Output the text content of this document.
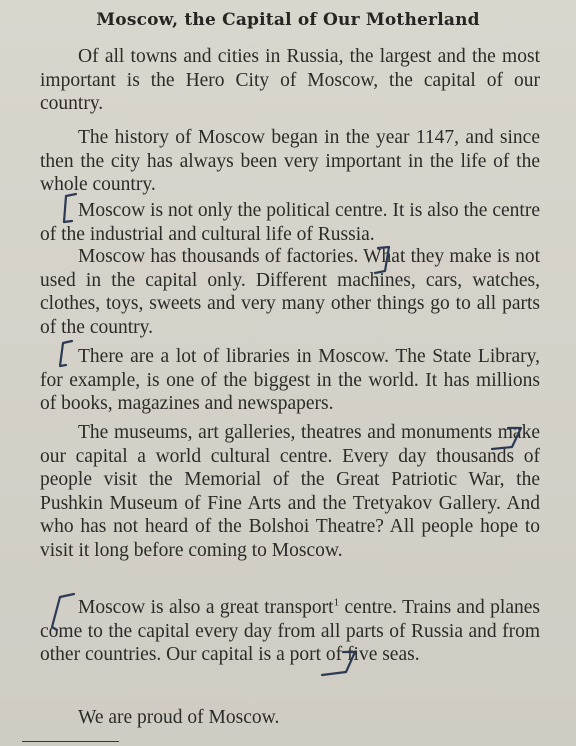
Moscow, the Capital of Our Motherland

Of all towns and cities in Russia, the largest and the most important is the Hero City of Moscow, the capital of our country.

The history of Moscow began in the year 1147, and since then the city has always been very important in the life of the whole country.

Moscow is not only the political centre. It is also the centre of the industrial and cultural life of Russia.

Moscow has thousands of factories. What they make is not used in the capital only. Different machines, cars, watches, clothes, toys, sweets and very many other things go to all parts of the country.

There are a lot of libraries in Moscow. The State Library, for example, is one of the biggest in the world. It has millions of books, magazines and newspapers.

The museums, art galleries, theatres and monuments make our capital a world cultural centre. Every day thousands of people visit the Memorial of the Great Patriotic War, the Pushkin Museum of Fine Arts and the Tretyakov Gallery. And who has not heard of the Bolshoi Theatre? All people hope to visit it long before coming to Moscow.

Moscow is also a great transport$^1$ centre. Trains and planes come to the capital every day from all parts of Russia and from other countries. Our capital is a port of five seas.

We are proud of Moscow.
